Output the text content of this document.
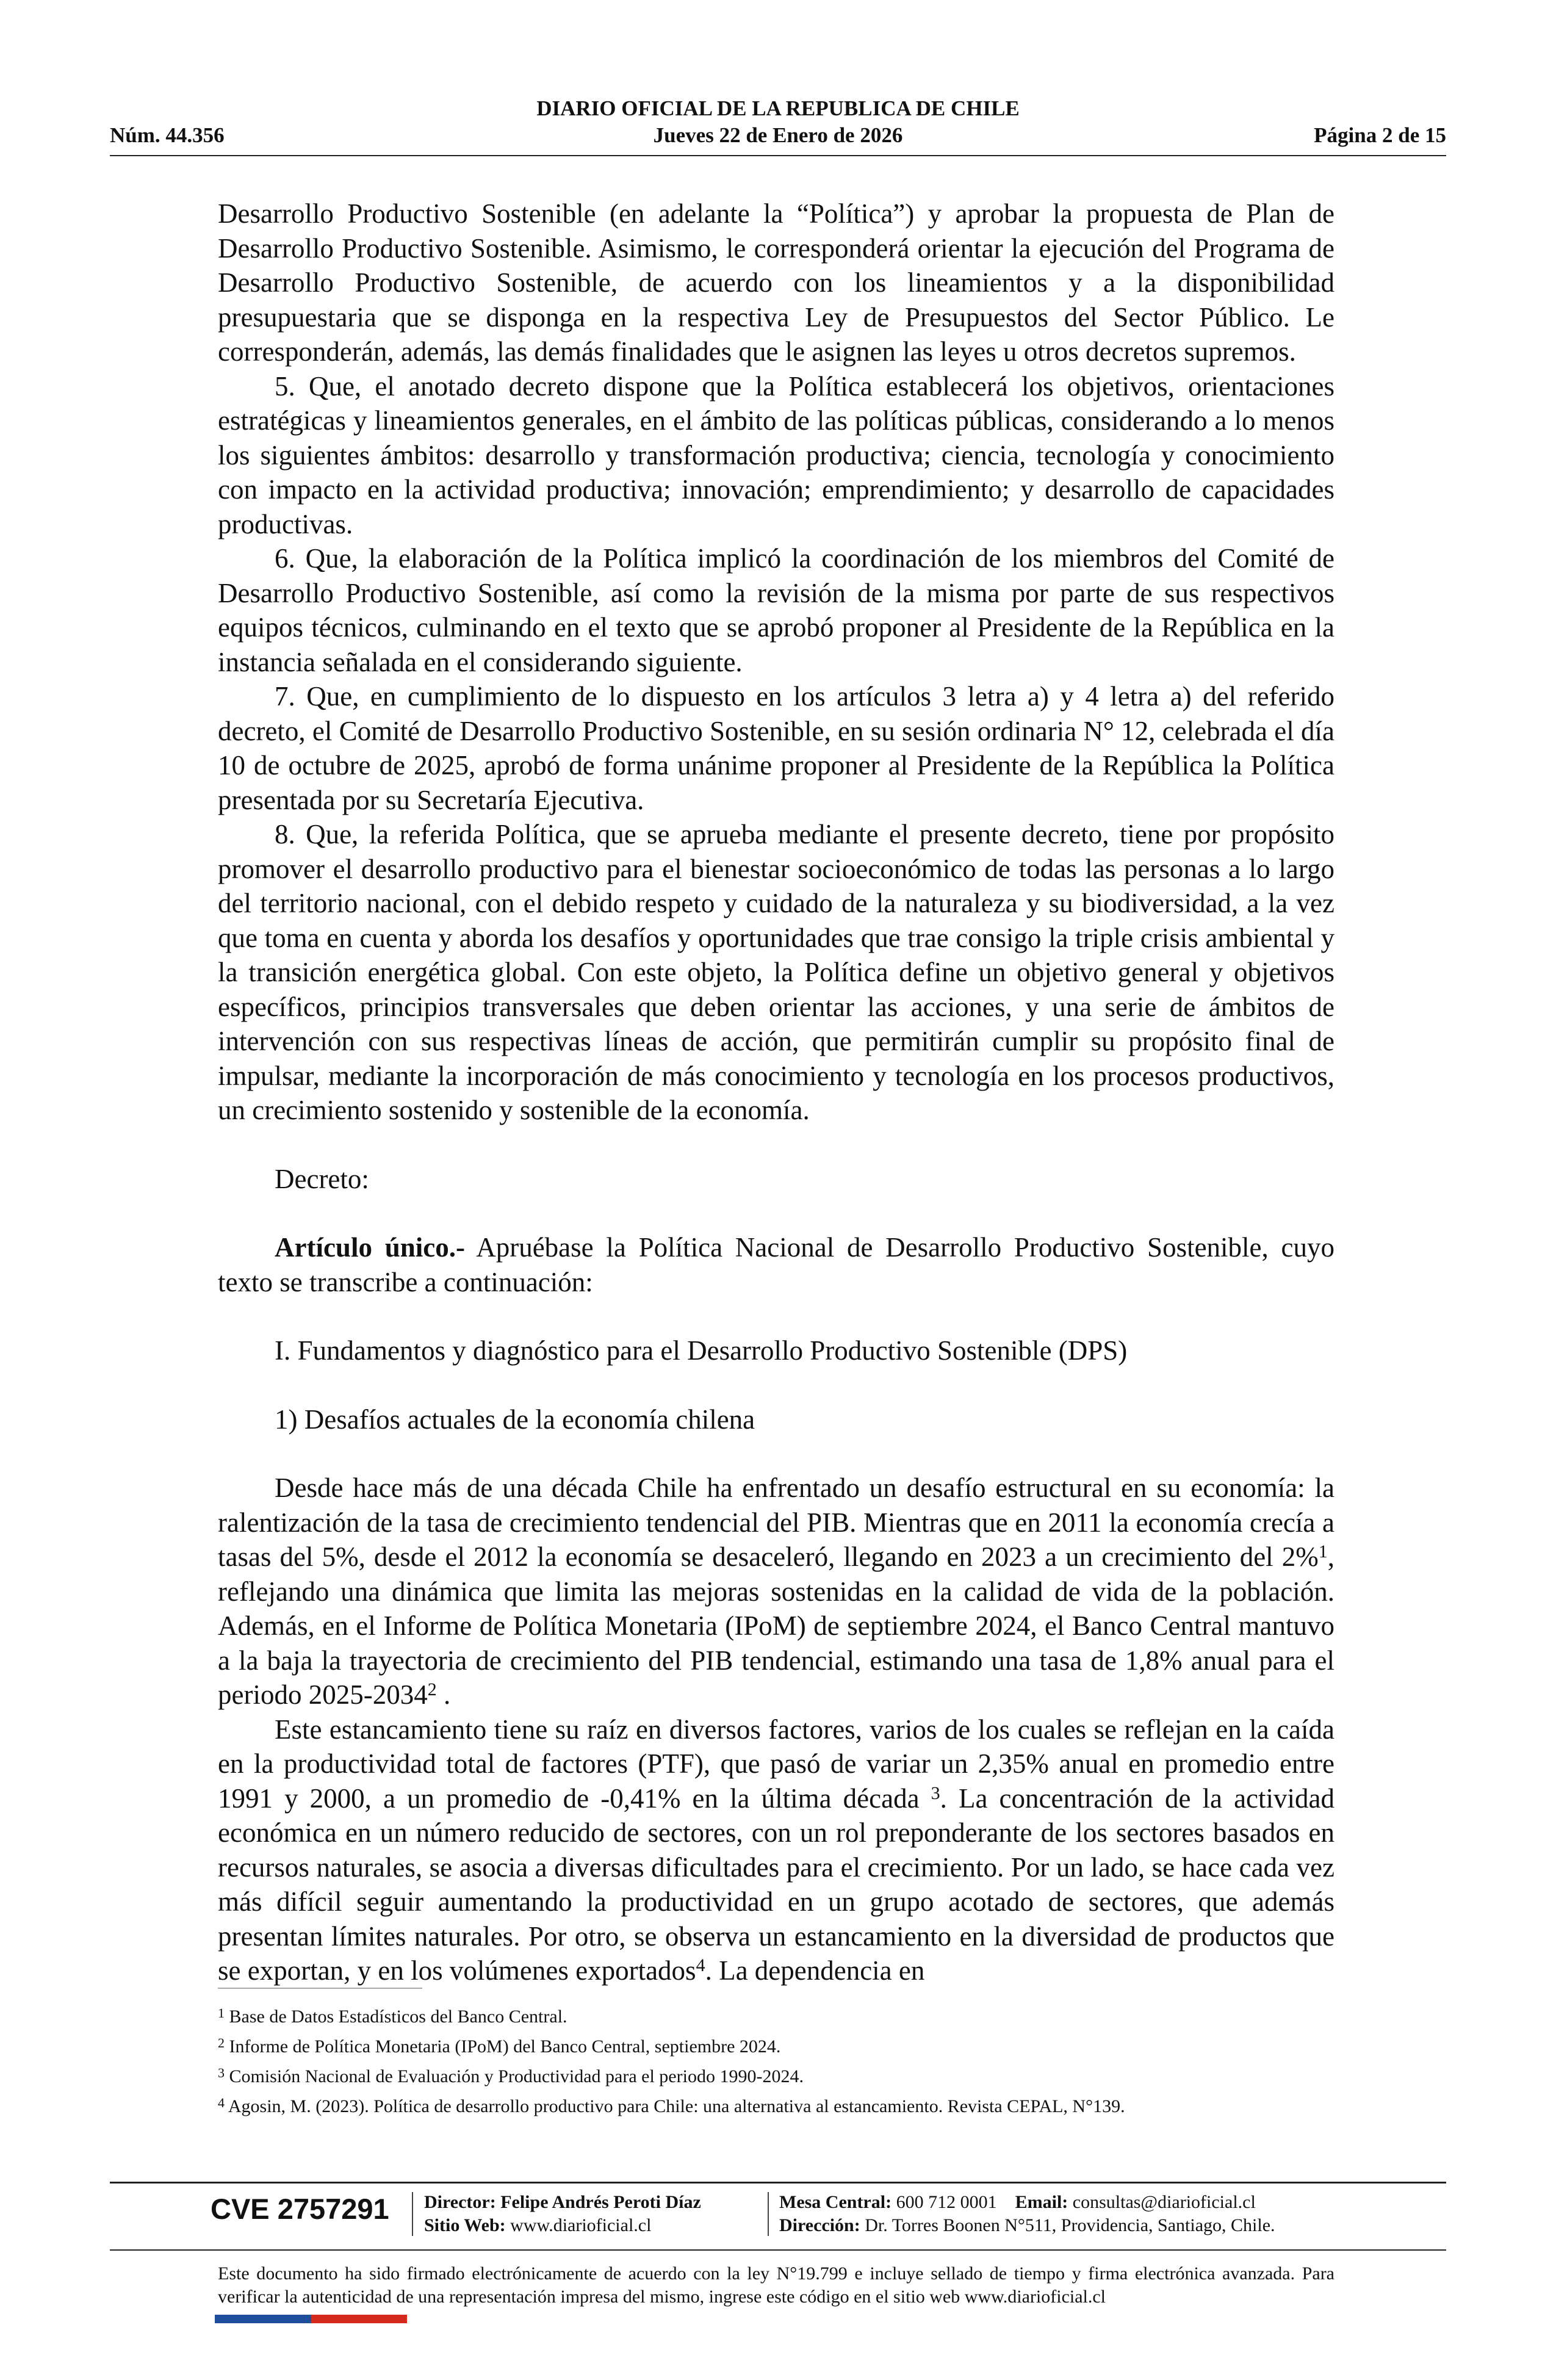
DIARIO OFICIAL DE LA REPUBLICA DE CHILE
Núm. 44.356	Jueves 22 de Enero de 2026	Página 2 de 15

Desarrollo Productivo Sostenible (en adelante la “Política”) y aprobar la propuesta de Plan de Desarrollo Productivo Sostenible. Asimismo, le corresponderá orientar la ejecución del Programa de Desarrollo Productivo Sostenible, de acuerdo con los lineamientos y a la disponibilidad presupuestaria que se disponga en la respectiva Ley de Presupuestos del Sector Público. Le corresponderán, además, las demás finalidades que le asignen las leyes u otros decretos supremos.

5. Que, el anotado decreto dispone que la Política establecerá los objetivos, orientaciones estratégicas y lineamientos generales, en el ámbito de las políticas públicas, considerando a lo menos los siguientes ámbitos: desarrollo y transformación productiva; ciencia, tecnología y conocimiento con impacto en la actividad productiva; innovación; emprendimiento; y desarrollo de capacidades productivas.

6. Que, la elaboración de la Política implicó la coordinación de los miembros del Comité de Desarrollo Productivo Sostenible, así como la revisión de la misma por parte de sus respectivos equipos técnicos, culminando en el texto que se aprobó proponer al Presidente de la República en la instancia señalada en el considerando siguiente.

7. Que, en cumplimiento de lo dispuesto en los artículos 3 letra a) y 4 letra a) del referido decreto, el Comité de Desarrollo Productivo Sostenible, en su sesión ordinaria N° 12, celebrada el día 10 de octubre de 2025, aprobó de forma unánime proponer al Presidente de la República la Política presentada por su Secretaría Ejecutiva.

8. Que, la referida Política, que se aprueba mediante el presente decreto, tiene por propósito promover el desarrollo productivo para el bienestar socioeconómico de todas las personas a lo largo del territorio nacional, con el debido respeto y cuidado de la naturaleza y su biodiversidad, a la vez que toma en cuenta y aborda los desafíos y oportunidades que trae consigo la triple crisis ambiental y la transición energética global. Con este objeto, la Política define un objetivo general y objetivos específicos, principios transversales que deben orientar las acciones, y una serie de ámbitos de intervención con sus respectivas líneas de acción, que permitirán cumplir su propósito final de impulsar, mediante la incorporación de más conocimiento y tecnología en los procesos productivos, un crecimiento sostenido y sostenible de la economía.

Decreto:

Artículo único.- Apruébase la Política Nacional de Desarrollo Productivo Sostenible, cuyo texto se transcribe a continuación:

I. Fundamentos y diagnóstico para el Desarrollo Productivo Sostenible (DPS)

1) Desafíos actuales de la economía chilena

Desde hace más de una década Chile ha enfrentado un desafío estructural en su economía: la ralentización de la tasa de crecimiento tendencial del PIB. Mientras que en 2011 la economía crecía a tasas del 5%, desde el 2012 la economía se desaceleró, llegando en 2023 a un crecimiento del 2%$^1$, reflejando una dinámica que limita las mejoras sostenidas en la calidad de vida de la población. Además, en el Informe de Política Monetaria (IPoM) de septiembre 2024, el Banco Central mantuvo a la baja la trayectoria de crecimiento del PIB tendencial, estimando una tasa de 1,8% anual para el periodo 2025-2034$^2$ .

Este estancamiento tiene su raíz en diversos factores, varios de los cuales se reflejan en la caída en la productividad total de factores (PTF), que pasó de variar un 2,35% anual en promedio entre 1991 y 2000, a un promedio de -0,41% en la última década $^3$. La concentración de la actividad económica en un número reducido de sectores, con un rol preponderante de los sectores basados en recursos naturales, se asocia a diversas dificultades para el crecimiento. Por un lado, se hace cada vez más difícil seguir aumentando la productividad en un grupo acotado de sectores, que además presentan límites naturales. Por otro, se observa un estancamiento en la diversidad de productos que se exportan, y en los volúmenes exportados$^4$. La dependencia en

$^1$ Base de Datos Estadísticos del Banco Central.
$^2$ Informe de Política Monetaria (IPoM) del Banco Central, septiembre 2024.
$^3$ Comisión Nacional de Evaluación y Productividad para el periodo 1990-2024.
$^4$ Agosin, M. (2023). Política de desarrollo productivo para Chile: una alternativa al estancamiento. Revista CEPAL, N°139.
CVE 2757291 Director: Felipe Andrés Peroti Díaz
Sitio Web: www.diarioficial.cl
Mesa Central: 600 712 0001 Email: consultas@diarioficial.cl
Dirección: Dr. Torres Boonen N°511, Providencia, Santiago, Chile.
Este documento ha sido firmado electrónicamente de acuerdo con la ley N°19.799 e incluye sellado de tiempo y firma electrónica avanzada. Para verificar la autenticidad de una representación impresa del mismo, ingrese este código en el sitio web www.diarioficial.cl
